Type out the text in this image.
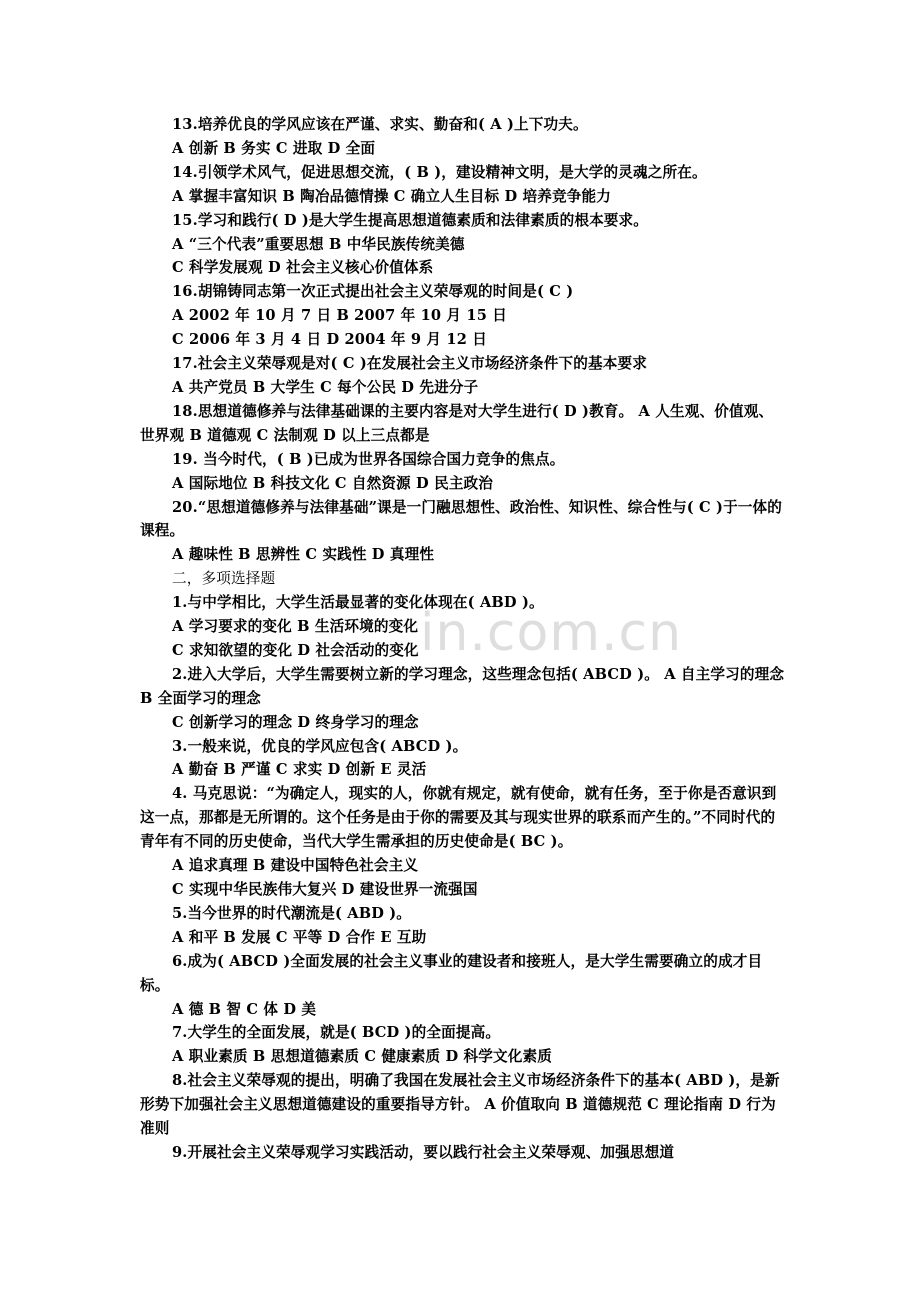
in.com.cn

13.培养优良的学风应该在严谨、求实、勤奋和( A )上下功夫。

A 创新 B 务实 C 进取 D 全面

14.引领学术风气，促进思想交流，( B )，建设精神文明，是大学的灵魂之所在。

A 掌握丰富知识 B 陶冶品德情操 C 确立人生目标 D 培养竞争能力

15.学习和践行( D )是大学生提高思想道德素质和法律素质的根本要求。

A “三个代表”重要思想 B 中华民族传统美德

C 科学发展观 D 社会主义核心价值体系

16.胡锦铸同志第一次正式提出社会主义荣辱观的时间是( C )

A 2002 年 10 月 7 日 B 2007 年 10 月 15 日

C 2006 年 3 月 4 日 D 2004 年 9 月 12 日

17.社会主义荣辱观是对( C )在发展社会主义市场经济条件下的基本要求

A 共产党员 B 大学生 C 每个公民 D 先进分子

18.思想道德修养与法律基础课的主要内容是对大学生进行( D )教育。 A 人生观、价值观、世界观 B 道德观 C 法制观 D 以上三点都是

19. 当今时代，( B )已成为世界各国综合国力竞争的焦点。

A 国际地位 B 科技文化 C 自然资源 D 民主政治

20.“思想道德修养与法律基础”课是一门融思想性、政治性、知识性、综合性与( C )于一体的课程。

A 趣味性 B 思辨性 C 实践性 D 真理性

二，多项选择题

1.与中学相比，大学生活最显著的变化体现在( ABD )。

A 学习要求的变化 B 生活环境的变化

C 求知欲望的变化 D 社会活动的变化

2.进入大学后，大学生需要树立新的学习理念，这些理念包括( ABCD )。 A 自主学习的理念 B 全面学习的理念

C 创新学习的理念 D 终身学习的理念

3.一般来说，优良的学风应包含( ABCD )。

A 勤奋 B 严谨 C 求实 D 创新 E 灵活

4. 马克思说：“为确定人，现实的人，你就有规定，就有使命，就有任务，至于你是否意识到这一点，那都是无所谓的。这个任务是由于你的需要及其与现实世界的联系而产生的。”不同时代的青年有不同的历史使命，当代大学生需承担的历史使命是( BC )。

A 追求真理 B 建设中国特色社会主义

C 实现中华民族伟大复兴 D 建设世界一流强国

5.当今世界的时代潮流是( ABD )。

A 和平 B 发展 C 平等 D 合作 E 互助

6.成为( ABCD )全面发展的社会主义事业的建设者和接班人，是大学生需要确立的成才目标。

A 德 B 智 C 体 D 美

7.大学生的全面发展，就是( BCD )的全面提高。

A 职业素质 B 思想道德素质 C 健康素质 D 科学文化素质

8.社会主义荣辱观的提出，明确了我国在发展社会主义市场经济条件下的基本( ABD )，是新形势下加强社会主义思想道德建设的重要指导方针。 A 价值取向 B 道德规范 C 理论指南 D 行为准则

9.开展社会主义荣辱观学习实践活动，要以践行社会主义荣辱观、加强思想道
